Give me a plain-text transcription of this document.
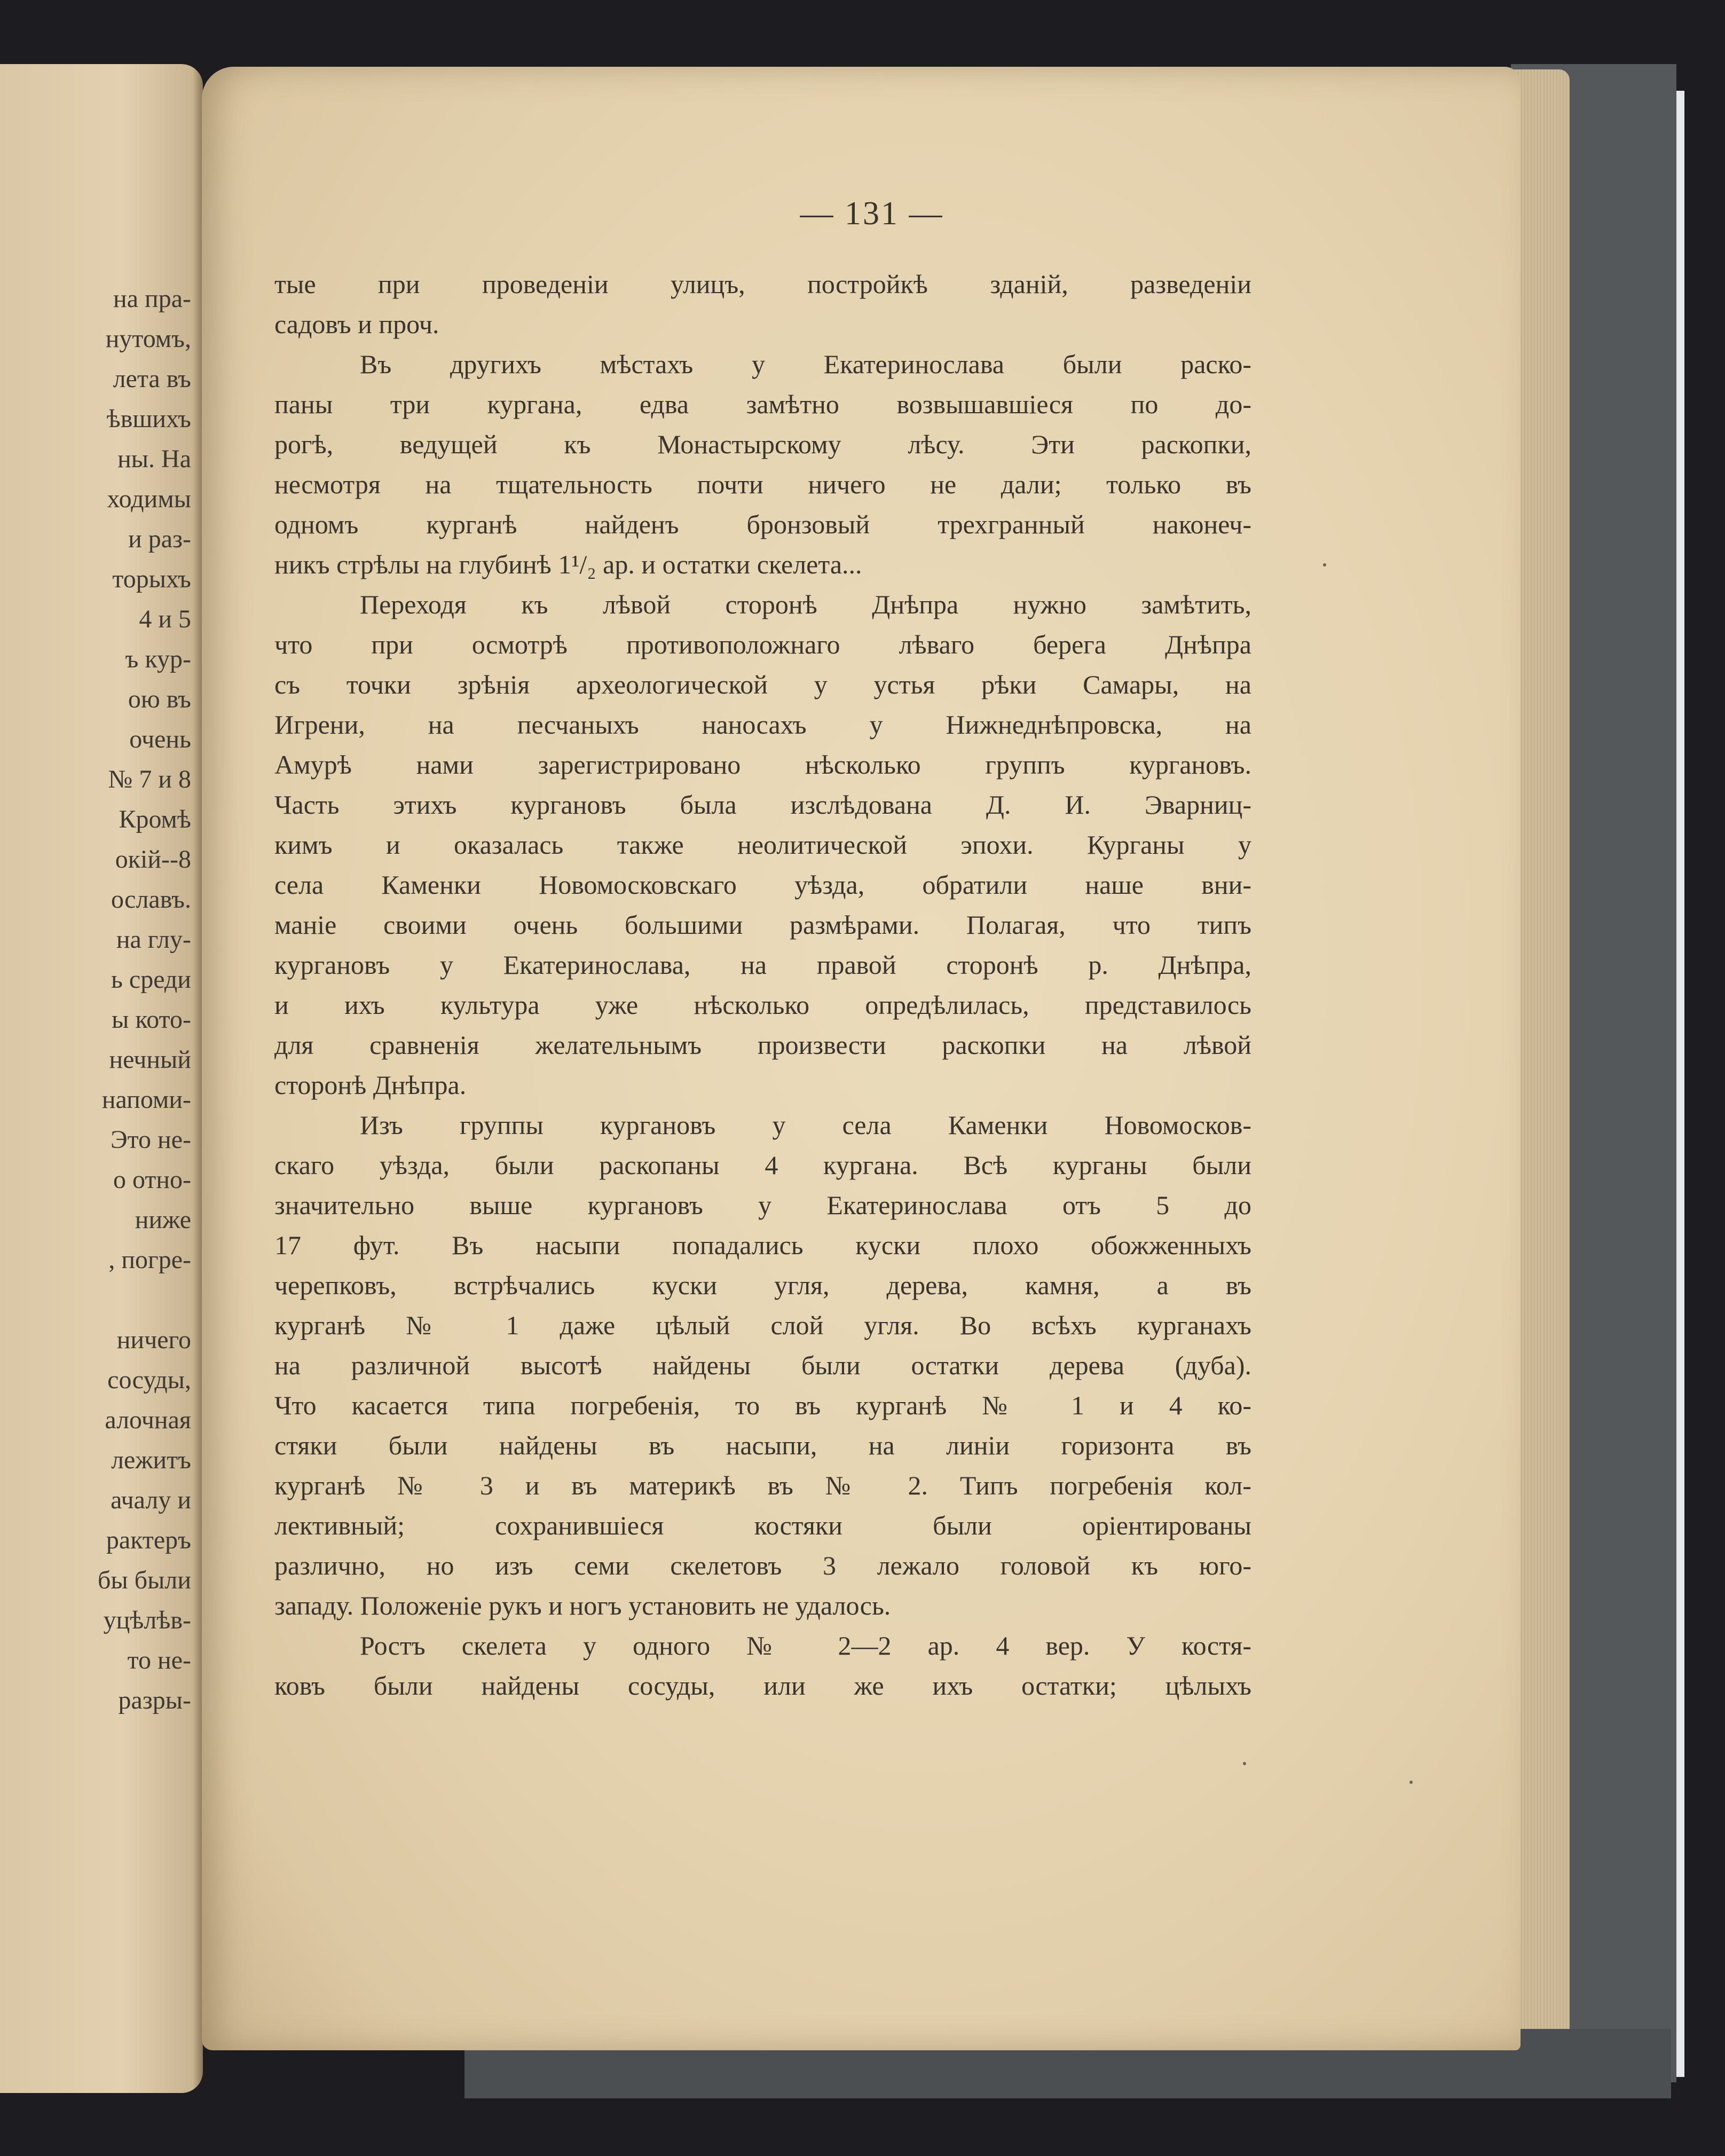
на пра-
нутомъ,
лета въ
ѣвшихъ
ны. На
ходимы
и раз-
торыхъ
4 и 5
ъ кур-
ою въ
очень
№ 7 и 8
Кромѣ
окій--8
ославъ.
на глу-
ь среди
ы кото-
нечный
напоми-
Это не-
о отно-
ниже
, погре-
ничего
сосуды,
алочная
лежитъ
ачалу и
рактеръ
бы были
уцѣлѣв-
то не-
разры-
— 131 —
тые при проведеніи улицъ, постройкѣ зданій, разведеніи
садовъ и проч.
Въ другихъ мѣстахъ у Екатеринослава были раско-
паны три кургана, едва замѣтно возвышавшіеся по до-
рогѣ, ведущей къ Монастырскому лѣсу. Эти раскопки,
несмотря на тщательность почти ничего не дали; только въ
одномъ курганѣ найденъ бронзовый трехгранный наконеч-
никъ стрѣлы на глубинѣ 1¹/₂ ар. и остатки скелета...
Переходя къ лѣвой сторонѣ Днѣпра нужно замѣтить,
что при осмотрѣ противоположнаго лѣваго берега Днѣпра
съ точки зрѣнія археологической у устья рѣки Самары, на
Игрени, на песчаныхъ наносахъ у Нижнеднѣпровска, на
Амурѣ нами зарегистрировано нѣсколько группъ кургановъ.
Часть этихъ кургановъ была изслѣдована Д. И. Эварниц-
кимъ и оказалась также неолитической эпохи. Курганы у
села Каменки Новомосковскаго уѣзда, обратили наше вни-
маніе своими очень большими размѣрами. Полагая, что типъ
кургановъ у Екатеринослава, на правой сторонѣ р. Днѣпра,
и ихъ культура уже нѣсколько опредѣлилась, представилось
для сравненія желательнымъ произвести раскопки на лѣвой
сторонѣ Днѣпра.
Изъ группы кургановъ у села Каменки Новомосков-
скаго уѣзда, были раскопаны 4 кургана. Всѣ курганы были
значительно выше кургановъ у Екатеринослава отъ 5 до
17 фут. Въ насыпи попадались куски плохо обожженныхъ
черепковъ, встрѣчались куски угля, дерева, камня, а въ
курганѣ № 1 даже цѣлый слой угля. Во всѣхъ курганахъ
на различной высотѣ найдены были остатки дерева (дуба).
Что касается типа погребенія, то въ курганѣ № 1 и 4 ко-
стяки были найдены въ насыпи, на линіи горизонта въ
курганѣ № 3 и въ материкѣ въ № 2. Типъ погребенія кол-
лективный; сохранившіеся костяки были оріентированы
различно, но изъ семи скелетовъ 3 лежало головой къ юго-
западу. Положеніе рукъ и ногъ установить не удалось.
Ростъ скелета у одного № 2—2 ар. 4 вер. У костя-
ковъ были найдены сосуды, или же ихъ остатки; цѣлыхъ
